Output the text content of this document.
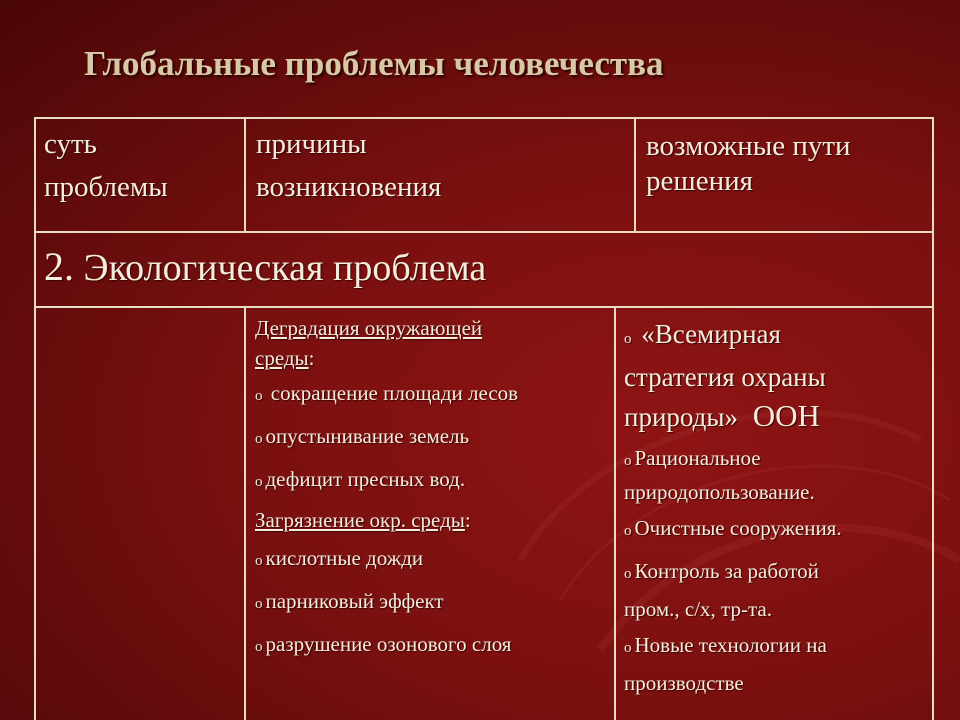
Глобальные проблемы человечества
суть
проблемы
причины
возникновения
возможные пути
решения
2. Экологическая проблема
Деградация окружающей
среды:
o сокращение площади лесов
o опустынивание земель
o дефицит пресных вод.
Загрязнение окр. среды:
o кислотные дожди
o парниковый эффект
o разрушение озонового слоя
o «Всемирная
стратегия охраны
природы» ООН
o Рациональное
природопользование.
o Очистные сооружения.
o Контроль за работой
пром., с/х, тр-та.
o Новые технологии на
производстве
